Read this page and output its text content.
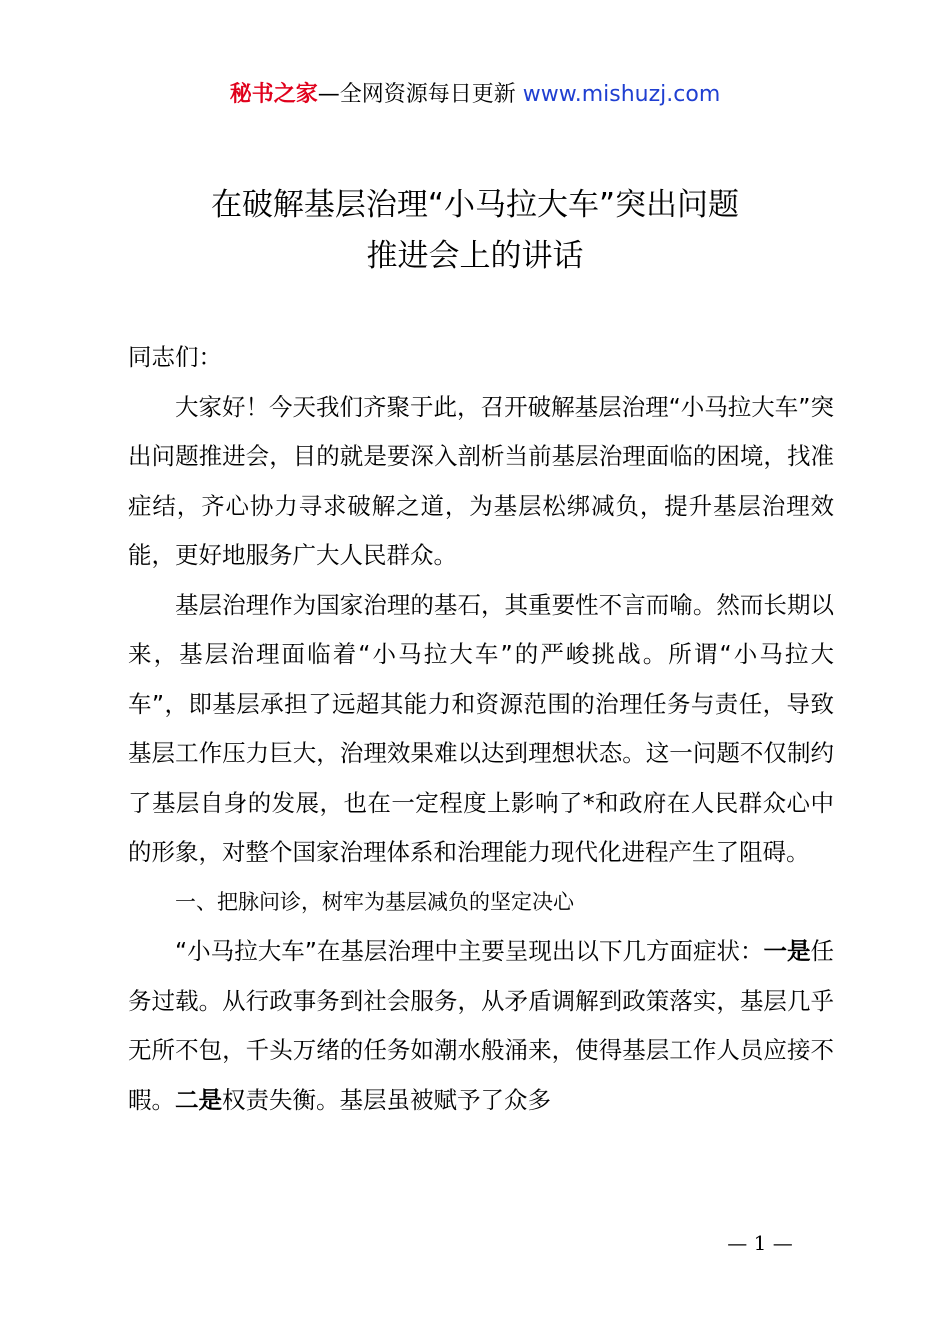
秘书之家—全网资源每日更新 www.mishuzj.com
在破解基层治理“小马拉大车”突出问题
推进会上的讲话

同志们：

大家好！今天我们齐聚于此，召开破解基层治理“小马拉大车”突出问题推进会，目的就是要深入剖析当前基层治理面临的困境，找准症结，齐心协力寻求破解之道，为基层松绑减负，提升基层治理效能，更好地服务广大人民群众。

基层治理作为国家治理的基石，其重要性不言而喻。然而长期以来，基层治理面临着“小马拉大车”的严峻挑战。所谓“小马拉大车”，即基层承担了远超其能力和资源范围的治理任务与责任，导致基层工作压力巨大，治理效果难以达到理想状态。这一问题不仅制约了基层自身的发展，也在一定程度上影响了*和政府在人民群众心中的形象，对整个国家治理体系和治理能力现代化进程产生了阻碍。

一、把脉问诊，树牢为基层减负的坚定决心

“小马拉大车”在基层治理中主要呈现出以下几方面症状：一是任务过载。从行政事务到社会服务，从矛盾调解到政策落实，基层几乎无所不包，千头万绪的任务如潮水般涌来，使得基层工作人员应接不暇。二是权责失衡。基层虽被赋予了众多

— 1 —
